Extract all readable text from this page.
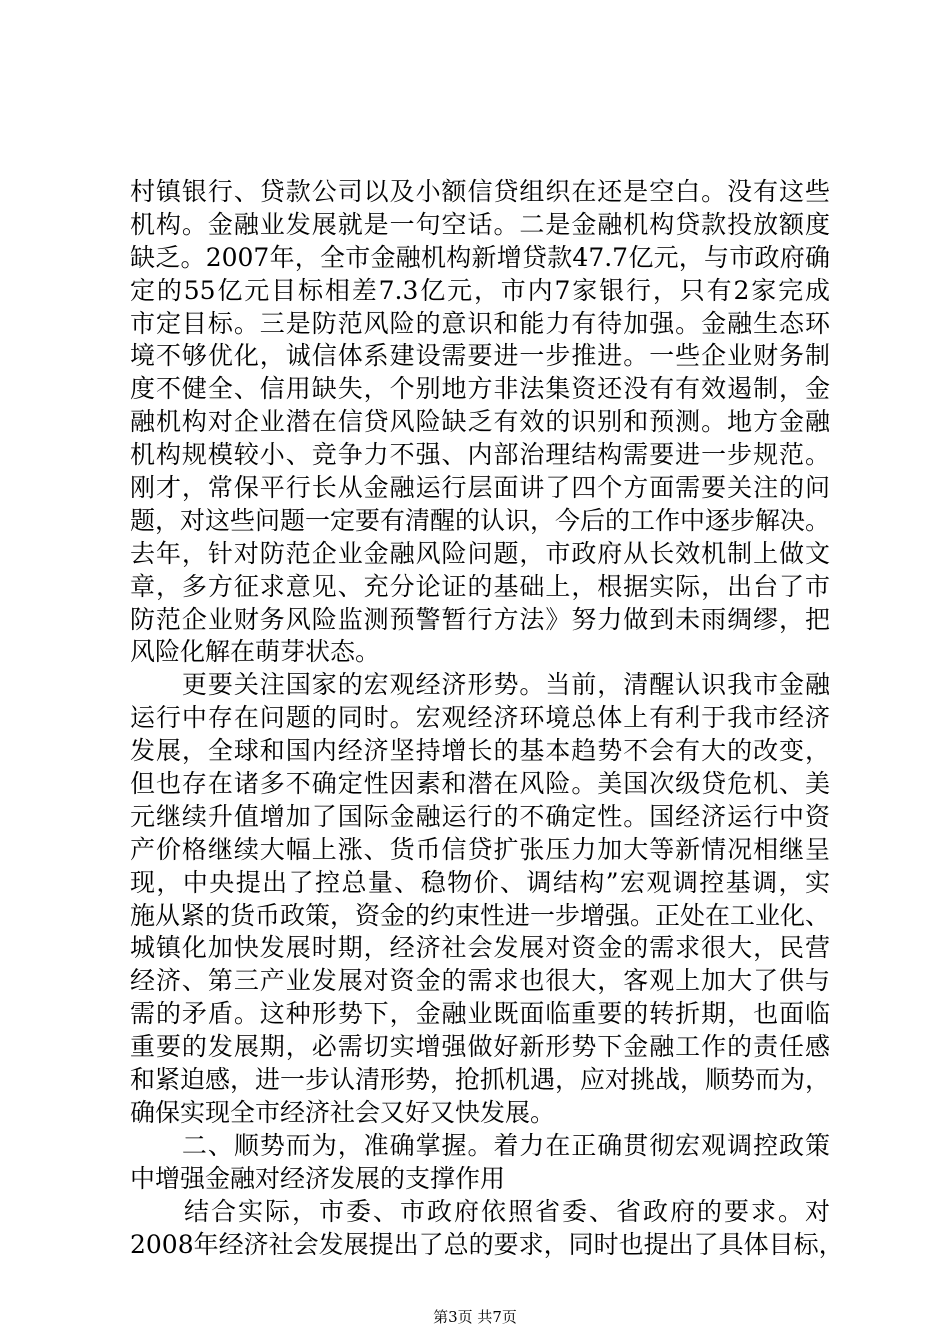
村镇银行、贷款公司以及小额信贷组织在还是空白。没有这些
机构。金融业发展就是一句空话。二是金融机构贷款投放额度
缺乏。2007年，全市金融机构新增贷款47.7亿元，与市政府确
定的55亿元目标相差7.3亿元，市内7家银行，只有2家完成
市定目标。三是防范风险的意识和能力有待加强。金融生态环
境不够优化，诚信体系建设需要进一步推进。一些企业财务制
度不健全、信用缺失，个别地方非法集资还没有有效遏制，金
融机构对企业潜在信贷风险缺乏有效的识别和预测。地方金融
机构规模较小、竞争力不强、内部治理结构需要进一步规范。
刚才，常保平行长从金融运行层面讲了四个方面需要关注的问
题，对这些问题一定要有清醒的认识，今后的工作中逐步解决。
去年，针对防范企业金融风险问题，市政府从长效机制上做文
章，多方征求意见、充分论证的基础上，根据实际，出台了市
防范企业财务风险监测预警暂行方法》努力做到未雨绸缪，把
风险化解在萌芽状态。
　　更要关注国家的宏观经济形势。当前，清醒认识我市金融
运行中存在问题的同时。宏观经济环境总体上有利于我市经济
发展，全球和国内经济坚持增长的基本趋势不会有大的改变，
但也存在诸多不确定性因素和潜在风险。美国次级贷危机、美
元继续升值增加了国际金融运行的不确定性。国经济运行中资
产价格继续大幅上涨、货币信贷扩张压力加大等新情况相继呈
现，中央提出了控总量、稳物价、调结构”宏观调控基调，实
施从紧的货币政策，资金的约束性进一步增强。正处在工业化、
城镇化加快发展时期，经济社会发展对资金的需求很大，民营
经济、第三产业发展对资金的需求也很大，客观上加大了供与
需的矛盾。这种形势下，金融业既面临重要的转折期，也面临
重要的发展期，必需切实增强做好新形势下金融工作的责任感
和紧迫感，进一步认清形势，抢抓机遇，应对挑战，顺势而为，
确保实现全市经济社会又好又快发展。
　　二、顺势而为，准确掌握。着力在正确贯彻宏观调控政策
中增强金融对经济发展的支撑作用
　　结合实际，市委、市政府依照省委、省政府的要求。对
2008年经济社会发展提出了总的要求，同时也提出了具体目标，
第3页 共7页
